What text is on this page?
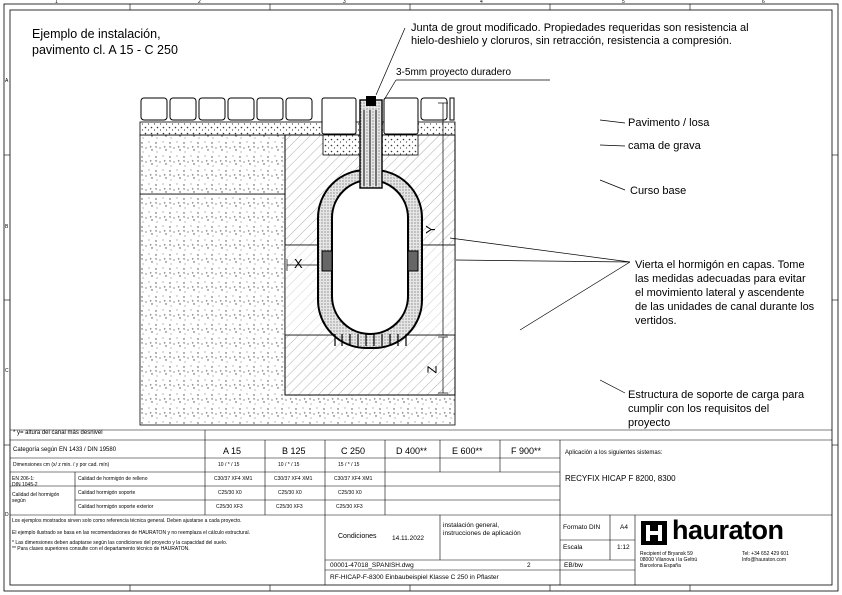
Ejemplo de instalación,
pavimento cl. A 15 - C 250
Junta de grout modificado. Propiedades requeridas son resistencia al
hielo-deshielo y cloruros, sin retracción, resistencia a compresión.
3-5mm proyecto duradero
Pavimento / losa
cama de grava
Curso base
Vierta el hormigón en capas. Tome
las medidas adecuadas para evitar
el movimiento lateral y ascendente
de las unidades de canal durante los
vertidos.
Estructura de soporte de carga para
cumplir con los requisitos del
proyecto
X
Y
Z
* y= altura del canal más desnivel
Categoría según EN 1433 / DIN 19580	A 15	B 125	C 250	D 400**	E 600**	F 900**
Dimensiones cm (x/ z min. / y por cad. mín)	10 / * / 15	10 / * / 15	15 / * / 15
EN 206-1:
DIN 1045-2
Calidad del hormigón según
Calidad de hormigón de relleno	C30/37 XF4 XM1	C30/37 XF4 XM1	C30/37 XF4 XM1
Calidad hormigón soporte	C25/30 X0	C25/30 X0	C25/30 X0
Calidad hormigón soporte exterior	C25/30 XF3	C25/30 XF3	C25/30 XF3
Aplicación a los siguientes sistemas:
RECYFIX HICAP F 8200, 8300
Los ejemplos mostrados sirven solo como referencia técnica general. Deben ajustarse a cada proyecto.
El ejemplo ilustrado se basa en las recomendaciones de HAURATON y no reemplaza el cálculo estructural.
* Las dimensiones deben adaptarse según las condiciones del proyecto y la capacidad del suelo.
** Para clases superiores consulte con el departamento técnico de HAURATON.
Condiciones 14.11.2022
instalación general,
instrucciones de aplicación
Formato DIN	A4
Escala	1:12
00001-47018_SPANISH.dwg	2	EB/bw
RF-HICAP-F-8300 Einbaubeispiel Klasse C 250 in Pflaster
hauraton
Recipient of Bryansk 59
08000 Vilanova i la Geltrú
Barcelona España
Tel: +34 652 429 601
Info@hauraton.com
1	2	3	4	5	6
A
B
C
D
